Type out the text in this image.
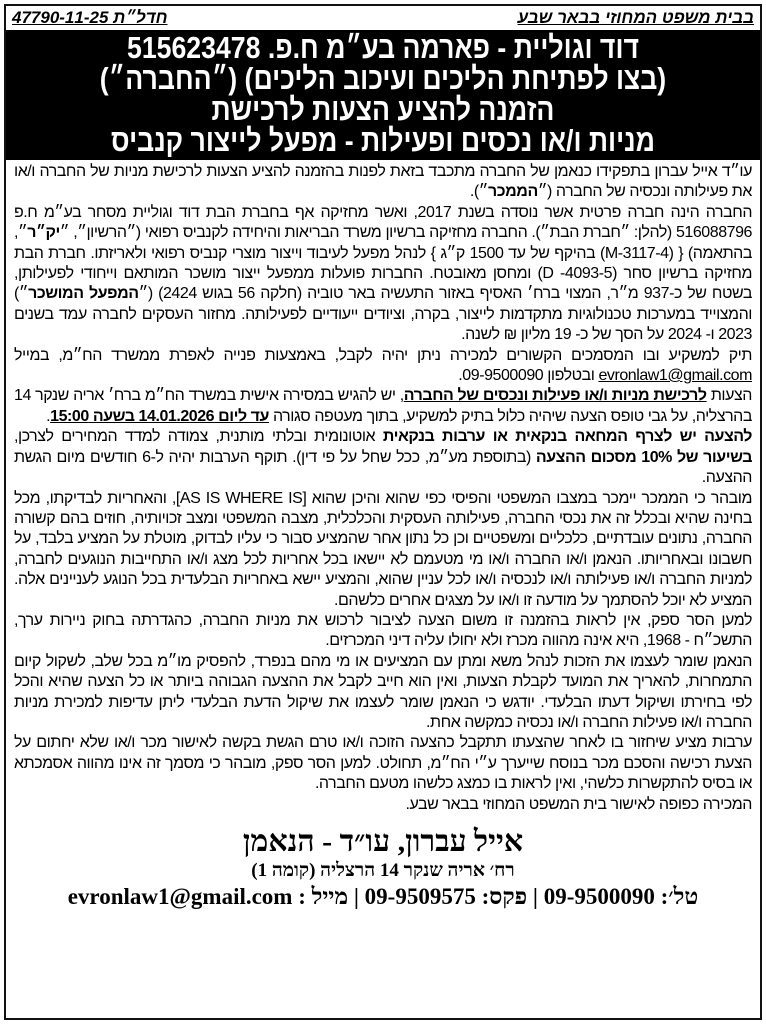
בבית משפט המחוזי בבאר שבע
חדל״ת 47790-11-25
דוד וגוליית - פארמה בע״מ ח.פ. 515623478
(בצו לפתיחת הליכים ועיכוב הליכים) (״החברה״)
הזמנה להציע הצעות לרכישת
מניות ו/או נכסים ופעילות - מפעל לייצור קנביס

עו״ד אייל עברון בתפקידו כנאמן של החברה מתכבד בזאת לפנות בהזמנה להציע הצעות לרכישת מניות של החברה ו/או את פעילותה ונכסיה של החברה (״הממכר״).

החברה הינה חברה פרטית אשר נוסדה בשנת 2017, ואשר מחזיקה אף בחברת הבת דוד וגוליית מסחר בע״מ ח.פ 516088796 (להלן: ״חברת הבת״). החברה מחזיקה ברשיון משרד הבריאות והיחידה לקנביס רפואי (״הרשיון״, ״יק״ר״, בהתאמה) { (M-3117-4) בהיקף של עד 1500 ק״ג } לנהל מפעל לעיבוד וייצור מוצרי קנביס רפואי ולאריזתו. חברת הבת מחזיקה ברשיון סחר (D -4093-5) ומחסן מאובטח. החברות פועלות ממפעל ייצור מושכר המותאם וייחודי לפעילותן, בשטח של כ-937 מ״ר, המצוי ברח׳ האסיף באזור התעשיה באר טוביה (חלקה 56 בגוש 2424) (״המפעל המושכר״) והמצוייד במערכות טכנולוגיות מתקדמות לייצור, בקרה, וציודים ייעודיים לפעילותה. מחזור העסקים לחברה עמד בשנים 2023 ו- 2024 על הסך של כ- 19 מליון ₪ לשנה.

תיק למשקיע ובו המסמכים הקשורים למכירה ניתן יהיה לקבל, באמצעות פנייה לאפרת ממשרד הח״מ, במייל evronlaw1@gmail.com ובטלפון 09-9500090.

הצעות לרכישת מניות ו/או פעילות ונכסים של החברה, יש להגיש במסירה אישית במשרד הח״מ ברח׳ אריה שנקר 14 בהרצליה, על גבי טופס הצעה שיהיה כלול בתיק למשקיע, בתוך מעטפה סגורה עד ליום 14.01.2026 בשעה 15:00.

להצעה יש לצרף המחאה בנקאית או ערבות בנקאית אוטונומית ובלתי מותנית, צמודה למדד המחירים לצרכן, בשיעור של 10% מסכום ההצעה (בתוספת מע״מ, ככל שחל על פי דין). תוקף הערבות יהיה ל-6 חודשים מיום הגשת ההצעה.

מובהר כי הממכר יימכר במצבו המשפטי והפיסי כפי שהוא והיכן שהוא [AS IS WHERE IS], והאחריות לבדיקתו, מכל בחינה שהיא ובכלל זה את נכסי החברה, פעילותה העסקית והכלכלית, מצבה המשפטי ומצב זכויותיה, חוזים בהם קשורה החברה, נתונים עובדתיים, כלכליים ומשפטיים וכן כל נתון אחר שהמציע סבור כי עליו לבדוק, מוטלת על המציע בלבד, על חשבונו ובאחריותו. הנאמן ו/או החברה ו/או מי מטעמם לא יישאו בכל אחריות לכל מצג ו/או התחייבות הנוגעים לחברה, למניות החברה ו/או פעילותה ו/או לנכסיה ו/או לכל עניין שהוא, והמציע יישא באחריות הבלעדית בכל הנוגע לעניינים אלה. המציע לא יוכל להסתמך על מודעה זו ו/או על מצגים אחרים כלשהם.

למען הסר ספק, אין לראות בהזמנה זו משום הצעה לציבור לרכוש את מניות החברה, כהגדרתה בחוק ניירות ערך, התשכ״ח - 1968, היא אינה מהווה מכרז ולא יחולו עליה דיני המכרזים.

הנאמן שומר לעצמו את הזכות לנהל משא ומתן עם המציעים או מי מהם בנפרד, להפסיק מו״מ בכל שלב, לשקול קיום התמחרות, להאריך את המועד לקבלת הצעות, ואין הוא חייב לקבל את ההצעה הגבוהה ביותר או כל הצעה שהיא והכל לפי בחירתו ושיקול דעתו הבלעדי. יודגש כי הנאמן שומר לעצמו את שיקול הדעת הבלעדי ליתן עדיפות למכירת מניות החברה ו/או פעילות החברה ו/או נכסיה כמקשה אחת.

ערבות מציע שיחזור בו לאחר שהצעתו תתקבל כהצעה הזוכה ו/או טרם הגשת בקשה לאישור מכר ו/או שלא יחתום על הצעת רכישה והסכם מכר בנוסח שייערך ע״י הח״מ, תחולט. למען הסר ספק, מובהר כי מסמך זה אינו מהווה אסמכתא או בסיס להתקשרות כלשהי, ואין לראות בו כמצג כלשהו מטעם החברה.

המכירה כפופה לאישור בית המשפט המחוזי בבאר שבע.

אייל עברון, עו״ד - הנאמן
רח׳ אריה שנקר 14 הרצליה (קומה 1)
טל׳: 09-9500090 | פקס: 09-9509575 | מייל : evronlaw1@gmail.com
